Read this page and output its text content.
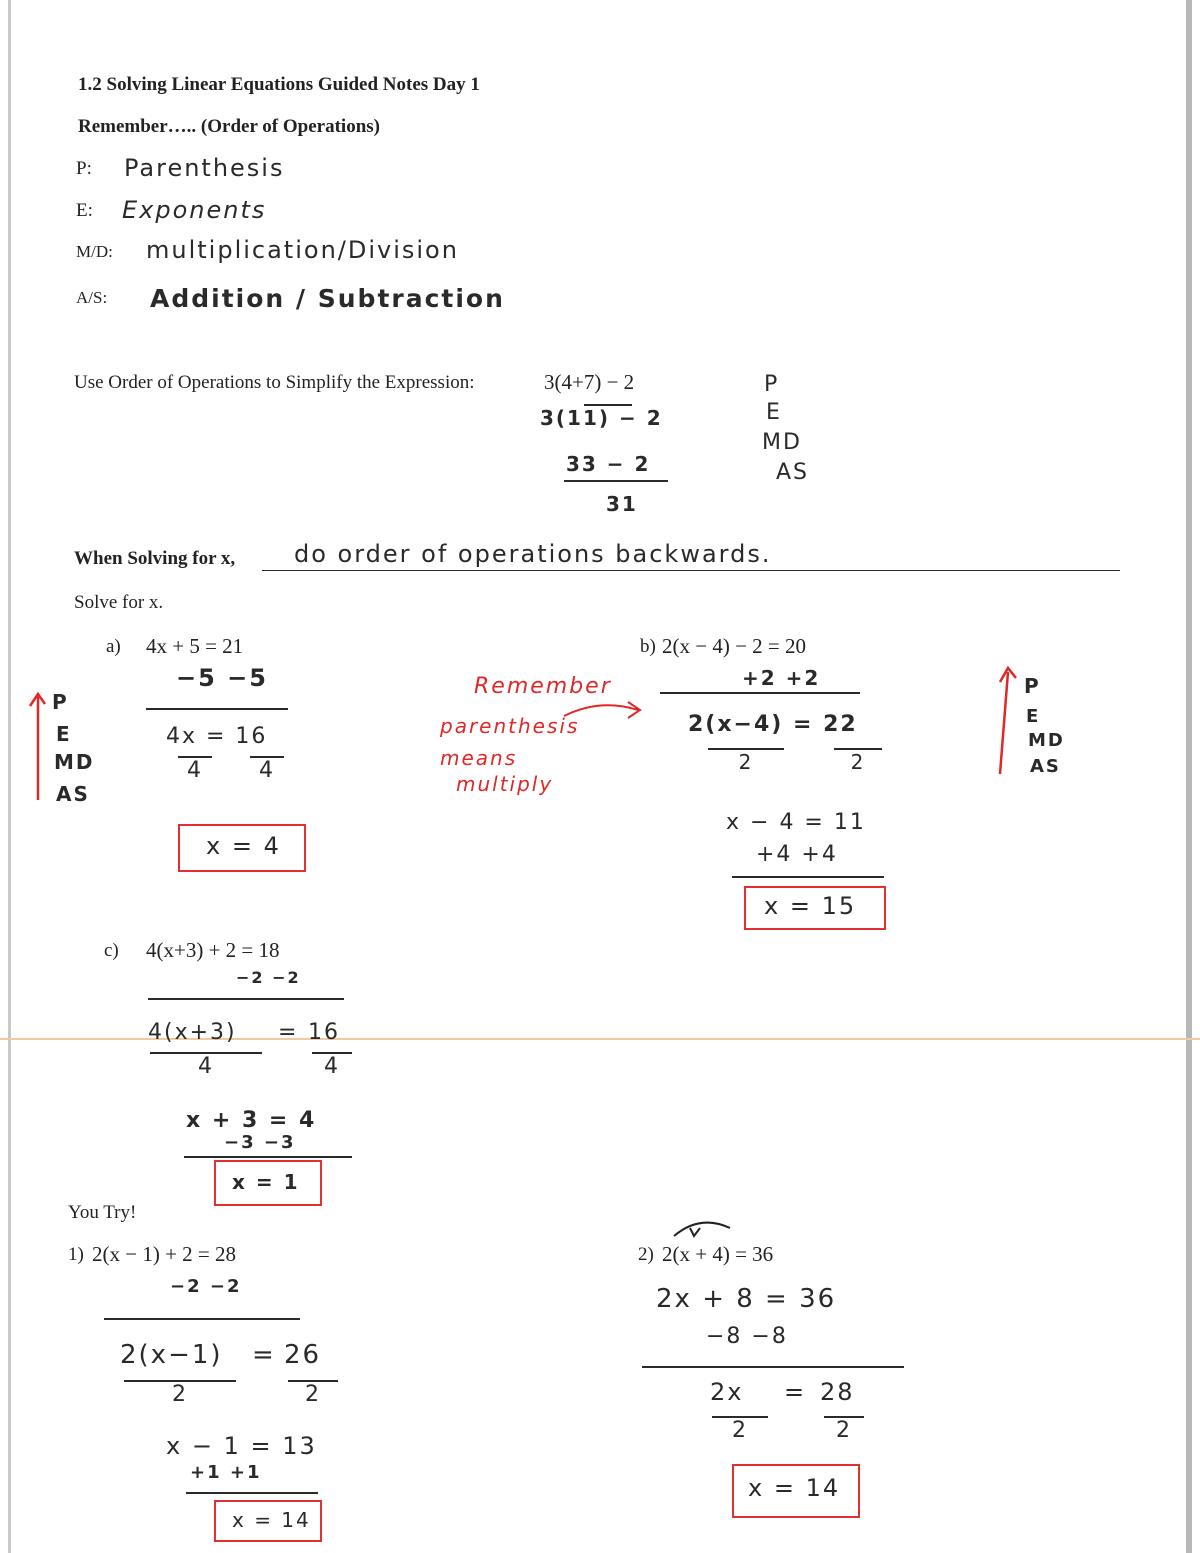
1.2 Solving Linear Equations Guided Notes Day 1
Remember….. (Order of Operations)
P: Parenthesis
E: Exponents
M/D: multiplication/Division
A/S: Addition / Subtraction
Use Order of Operations to Simplify the Expression:	3(4+7) − 2
3(11) − 2
33 − 2
31
P
E
MD
AS
When Solving for x, do order of operations backwards.
Solve for x.
a) 4x + 5 = 21
−5 −5
4x = 16
4	4
x = 4
P
E
MD
AS
Remember
parenthesis
means
multiply
b) 2(x − 4) − 2 = 20
+2 +2
2(x−4) = 22
2	2
x − 4 = 11
+4 +4
x = 15
P
E
MD
AS
c) 4(x+3) + 2 = 18
−2 −2
4(x+3) = 16
4	4
x + 3 = 4
−3 −3
x = 1
You Try!
1) 2(x − 1) + 2 = 28
−2 −2
2(x−1) = 26
2	2
x − 1 = 13
+1 +1
x = 14
2) 2(x + 4) = 36
2x + 8 = 36
−8 −8
2x = 28
2	2
x = 14
